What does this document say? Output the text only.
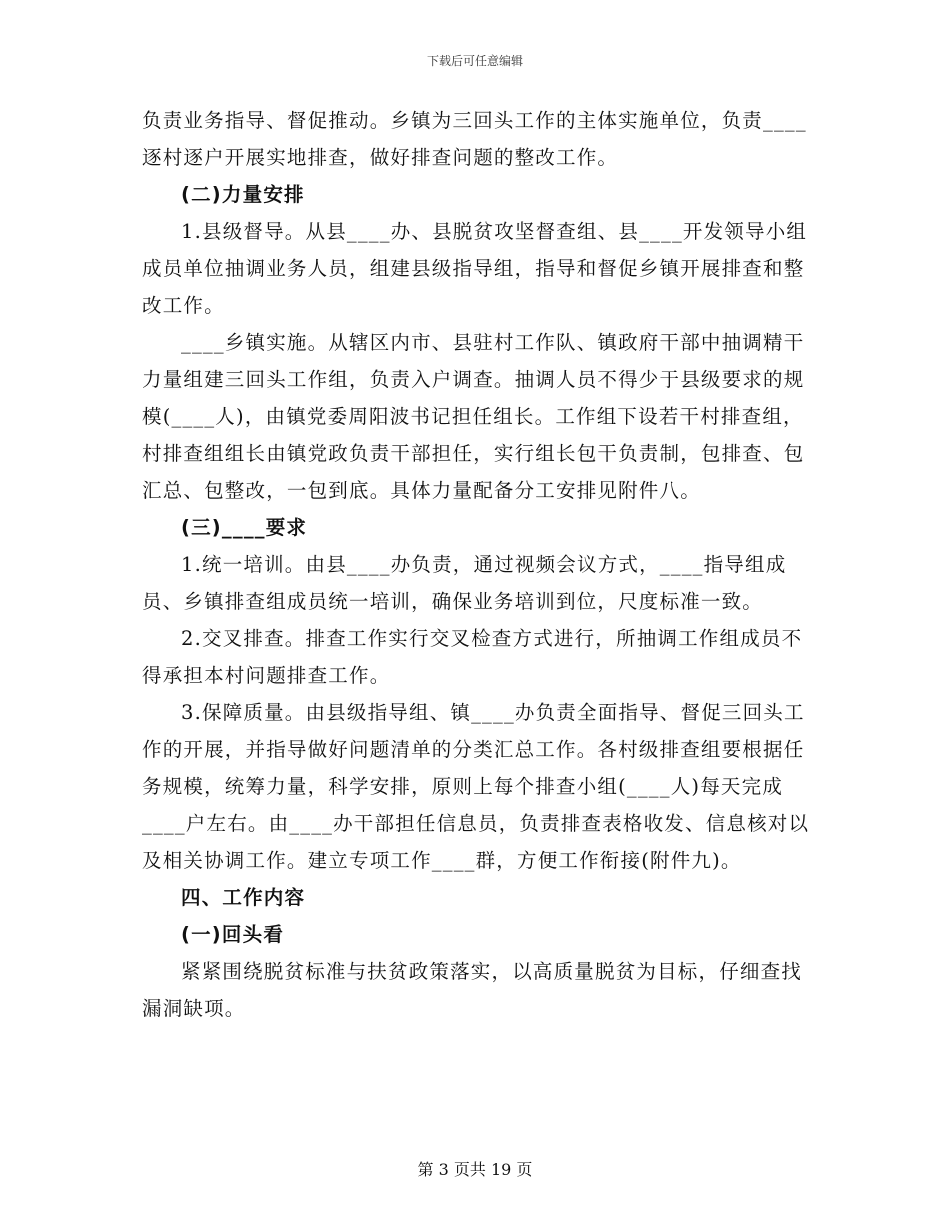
下载后可任意编辑

负责业务指导、督促推动。乡镇为三回头工作的主体实施单位，负责____逐村逐户开展实地排查，做好排查问题的整改工作。

(二)力量安排

1.县级督导。从县____办、县脱贫攻坚督查组、县____开发领导小组成员单位抽调业务人员，组建县级指导组，指导和督促乡镇开展排查和整改工作。

____乡镇实施。从辖区内市、县驻村工作队、镇政府干部中抽调精干力量组建三回头工作组，负责入户调查。抽调人员不得少于县级要求的规模(____人)，由镇党委周阳波书记担任组长。工作组下设若干村排查组，村排查组组长由镇党政负责干部担任，实行组长包干负责制，包排查、包汇总、包整改，一包到底。具体力量配备分工安排见附件八。

(三)____要求

1.统一培训。由县____办负责，通过视频会议方式，____指导组成员、乡镇排查组成员统一培训，确保业务培训到位，尺度标准一致。

2.交叉排查。排查工作实行交叉检查方式进行，所抽调工作组成员不得承担本村问题排查工作。

3.保障质量。由县级指导组、镇____办负责全面指导、督促三回头工作的开展，并指导做好问题清单的分类汇总工作。各村级排查组要根据任务规模，统筹力量，科学安排，原则上每个排查小组(____人)每天完成____户左右。由____办干部担任信息员，负责排查表格收发、信息核对以及相关协调工作。建立专项工作____群，方便工作衔接(附件九)。

四、工作内容

(一)回头看

紧紧围绕脱贫标准与扶贫政策落实，以高质量脱贫为目标，仔细查找漏洞缺项。

第 3 页共 19 页
